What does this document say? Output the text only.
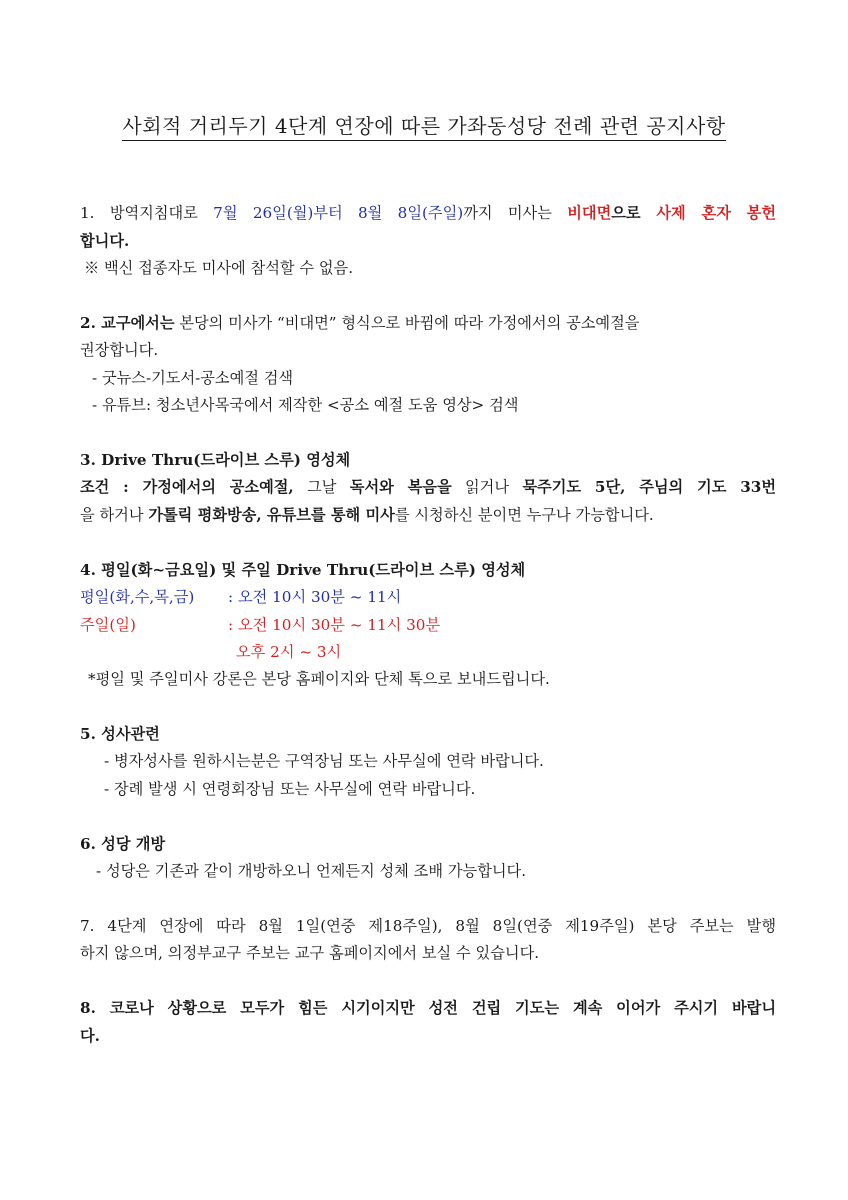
사회적 거리두기 4단계 연장에 따른 가좌동성당 전례 관련 공지사항
1. 방역지침대로 7월 26일(월)부터 8월 8일(주일)까지 미사는 비대면으로 사제 혼자 봉헌
합니다.
※ 백신 접종자도 미사에 참석할 수 없음.
2. 교구에서는 본당의 미사가 “비대면” 형식으로 바뀜에 따라 가정에서의 공소예절을
권장합니다.
- 굿뉴스-기도서-공소예절 검색
- 유튜브: 청소년사목국에서 제작한 <공소 예절 도움 영상> 검색
3. Drive Thru(드라이브 스루) 영성체
조건 : 가정에서의 공소예절, 그날 독서와 복음을 읽거나 묵주기도 5단, 주님의 기도 33번
을 하거나 가톨릭 평화방송, 유튜브를 통해 미사를 시청하신 분이면 누구나 가능합니다.
4. 평일(화~금요일) 및 주일 Drive Thru(드라이브 스루) 영성체
평일(화,수,목,금) : 오전 10시 30분 ~ 11시
주일(일)	: 오전 10시 30분 ~ 11시 30분
오후 2시 ~ 3시
*평일 및 주일미사 강론은 본당 홈페이지와 단체 톡으로 보내드립니다.
5. 성사관련
- 병자성사를 원하시는분은 구역장님 또는 사무실에 연락 바랍니다.
- 장례 발생 시 연령회장님 또는 사무실에 연락 바랍니다.
6. 성당 개방
- 성당은 기존과 같이 개방하오니 언제든지 성체 조배 가능합니다.
7. 4단계 연장에 따라 8월 1일(연중 제18주일), 8월 8일(연중 제19주일) 본당 주보는 발행
하지 않으며, 의정부교구 주보는 교구 홈페이지에서 보실 수 있습니다.
8. 코로나 상황으로 모두가 힘든 시기이지만 성전 건립 기도는 계속 이어가 주시기 바랍니
다.
